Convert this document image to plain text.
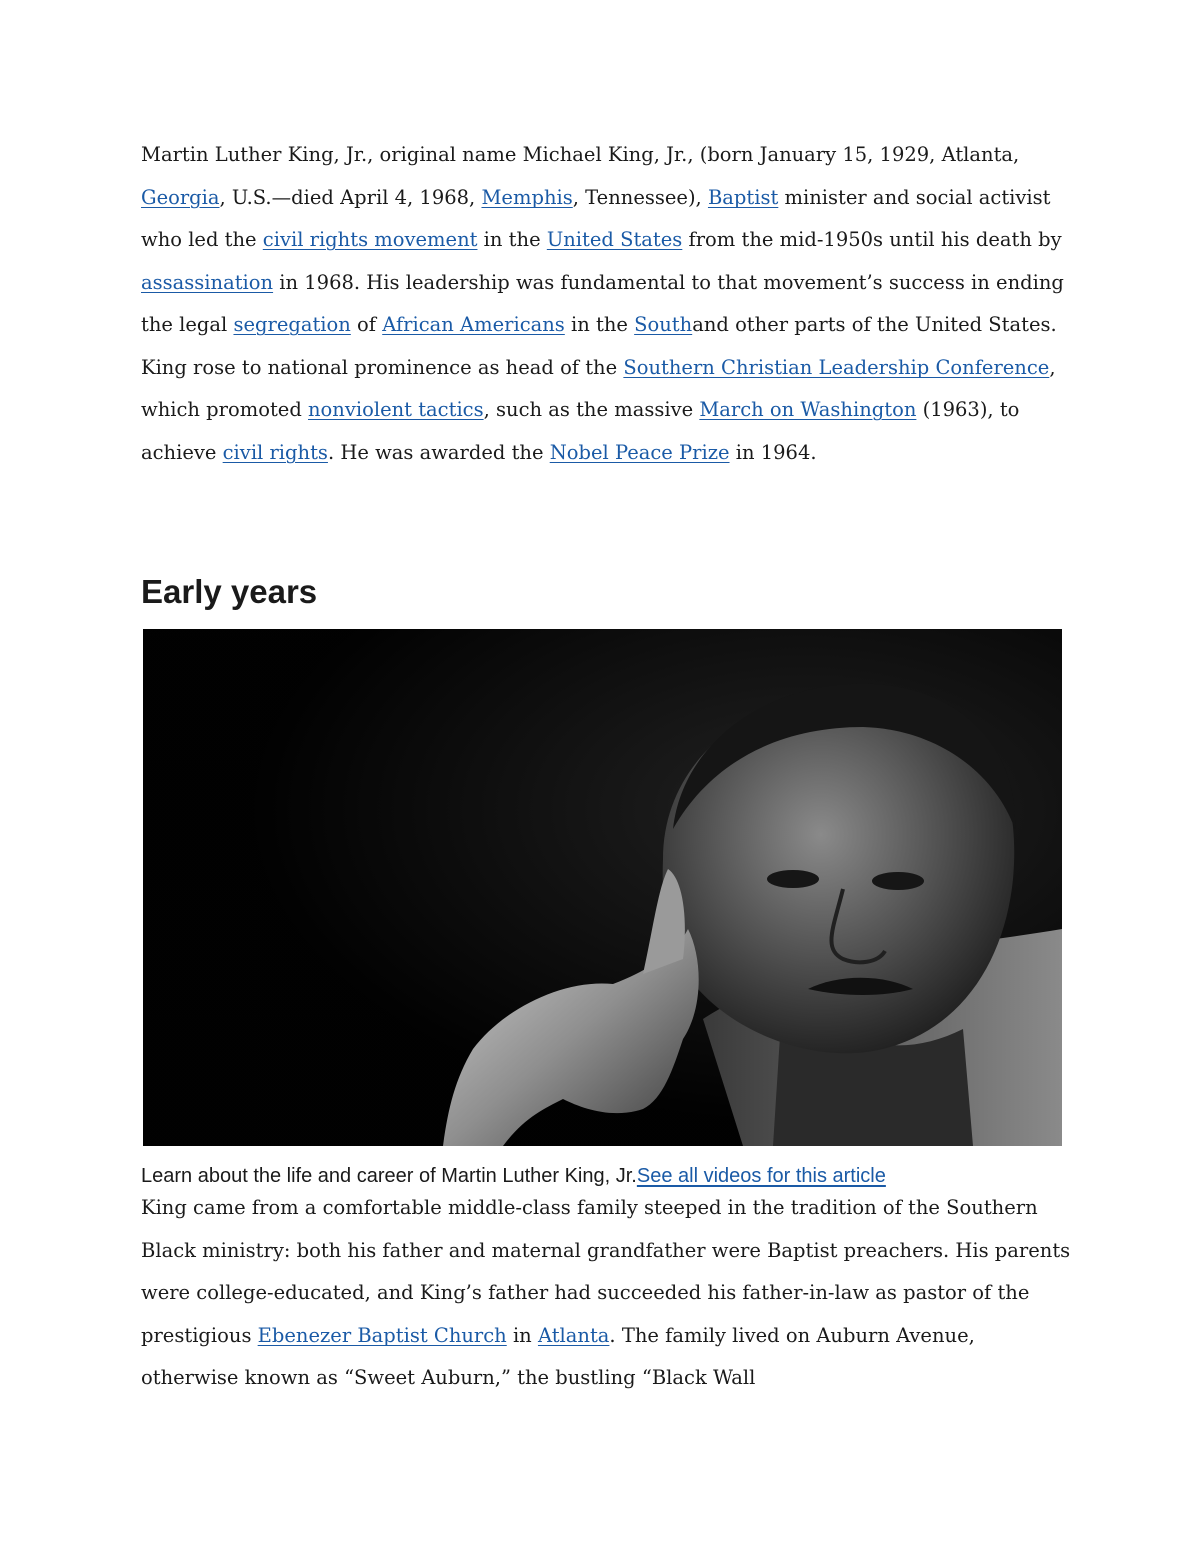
Martin Luther King, Jr., original name Michael King, Jr., (born January 15, 1929, Atlanta, Georgia, U.S.—died April 4, 1968, Memphis, Tennessee), Baptist minister and social activist who led the civil rights movement in the United States from the mid-1950s until his death by assassination in 1968. His leadership was fundamental to that movement’s success in ending the legal segregation of African Americans in the Southand other parts of the United States. King rose to national prominence as head of the Southern Christian Leadership Conference, which promoted nonviolent tactics, such as the massive March on Washington (1963), to achieve civil rights. He was awarded the Nobel Peace Prize in 1964.

Early years
Learn about the life and career of Martin Luther King, Jr.See all videos for this article

King came from a comfortable middle-class family steeped in the tradition of the Southern Black ministry: both his father and maternal grandfather were Baptist preachers. His parents were college-educated, and King’s father had succeeded his father-in-law as pastor of the prestigious Ebenezer Baptist Church in Atlanta. The family lived on Auburn Avenue, otherwise known as “Sweet Auburn,” the bustling “Black Wall
